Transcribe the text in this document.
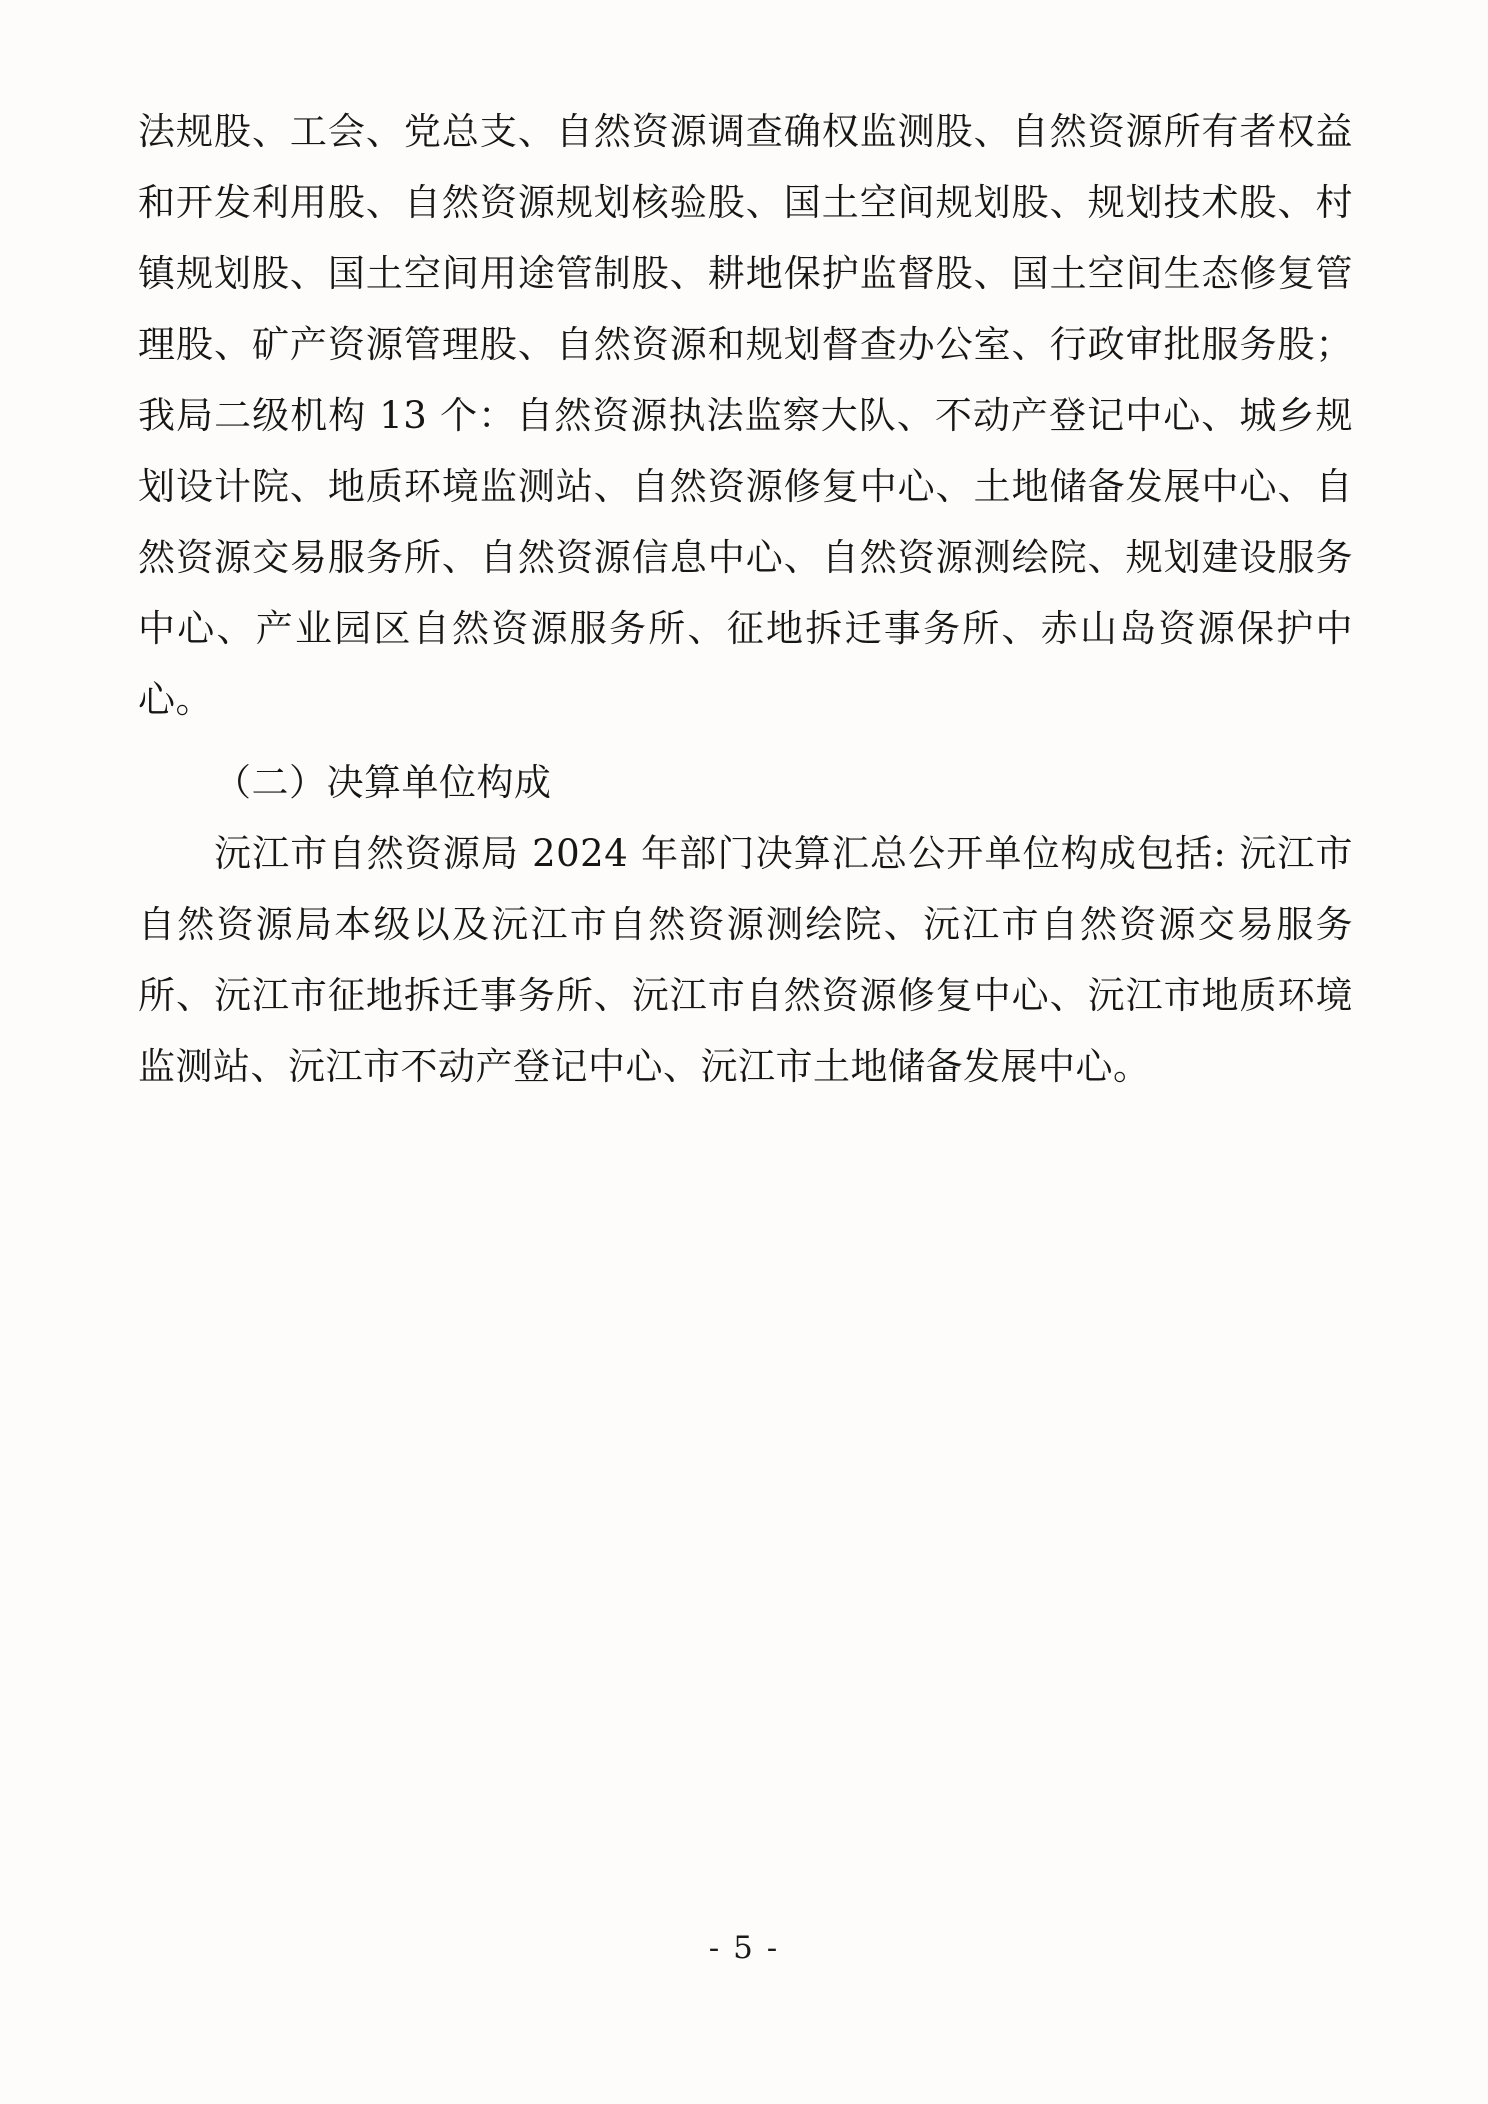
法规股、工会、党总支、自然资源调查确权监测股、自然资源所有者权益和开发利用股、自然资源规划核验股、国土空间规划股、规划技术股、村镇规划股、国土空间用途管制股、耕地保护监督股、国土空间生态修复管理股、矿产资源管理股、自然资源和规划督查办公室、行政审批服务股；我局二级机构 13 个：自然资源执法监察大队、不动产登记中心、城乡规划设计院、地质环境监测站、自然资源修复中心、土地储备发展中心、自然资源交易服务所、自然资源信息中心、自然资源测绘院、规划建设服务中心、产业园区自然资源服务所、征地拆迁事务所、赤山岛资源保护中心。

（二）决算单位构成

沅江市自然资源局 2024 年部门决算汇总公开单位构成包括: 沅江市自然资源局本级以及沅江市自然资源测绘院、沅江市自然资源交易服务所、沅江市征地拆迁事务所、沅江市自然资源修复中心、沅江市地质环境监测站、沅江市不动产登记中心、沅江市土地储备发展中心。

- 5 -
